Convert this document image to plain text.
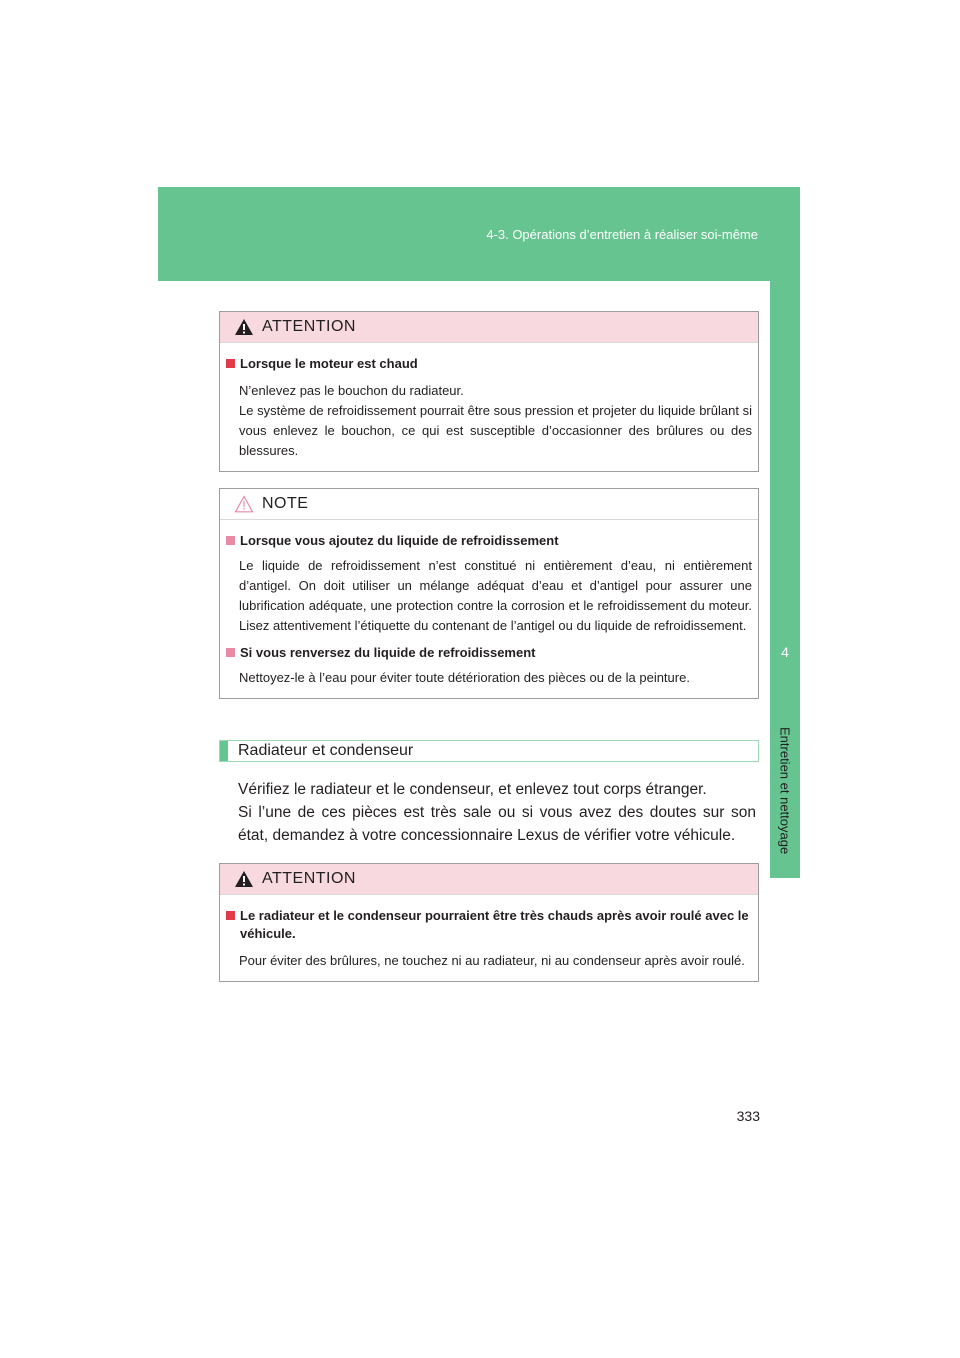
4-3. Opérations d’entretien à réaliser soi-même
4
Entretien et nettoyage
ATTENTION
Lorsque le moteur est chaud
N’enlevez pas le bouchon du radiateur.
Le système de refroidissement pourrait être sous pression et projeter du liquide brûlant si vous enlevez le bouchon, ce qui est susceptible d’occasionner des brûlures ou des blessures.
NOTE
Lorsque vous ajoutez du liquide de refroidissement
Le liquide de refroidissement n’est constitué ni entièrement d’eau, ni entièrement d’antigel. On doit utiliser un mélange adéquat d’eau et d’antigel pour assurer une lubrification adéquate, une protection contre la corrosion et le refroidissement du moteur. Lisez attentivement l’étiquette du contenant de l’antigel ou du liquide de refroidissement.
Si vous renversez du liquide de refroidissement
Nettoyez-le à l’eau pour éviter toute détérioration des pièces ou de la peinture.
Radiateur et condenseur

Vérifiez le radiateur et le condenseur, et enlevez tout corps étranger.

Si l’une de ces pièces est très sale ou si vous avez des doutes sur son état, demandez à votre concessionnaire Lexus de vérifier votre véhicule.

ATTENTION
Le radiateur et le condenseur pourraient être très chauds après avoir roulé avec le véhicule.
Pour éviter des brûlures, ne touchez ni au radiateur, ni au condenseur après avoir roulé.
333
